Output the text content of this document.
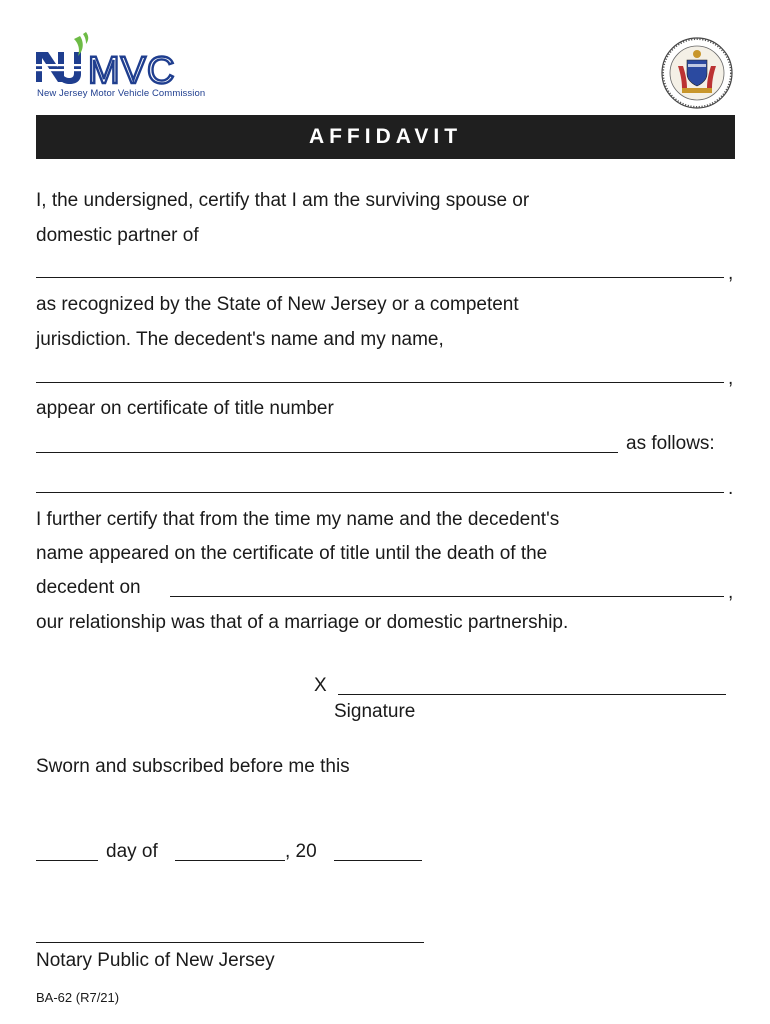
MVC
New Jersey Motor Vehicle Commission
AFFIDAVIT
I, the undersigned, certify that I am the surviving spouse or
domestic partner of
,
as recognized by the State of New Jersey or a competent
jurisdiction. The decedent's name and my name,
,
appear on certificate of title number
as follows:
.
I further certify that from the time my name and the decedent's
name appeared on the certificate of title until the death of the
decedent on	,
our relationship was that of a marriage or domestic partnership.
X
Signature
Sworn and subscribed before me this
day of	, 20
Notary Public of New Jersey
BA-62 (R7/21)
